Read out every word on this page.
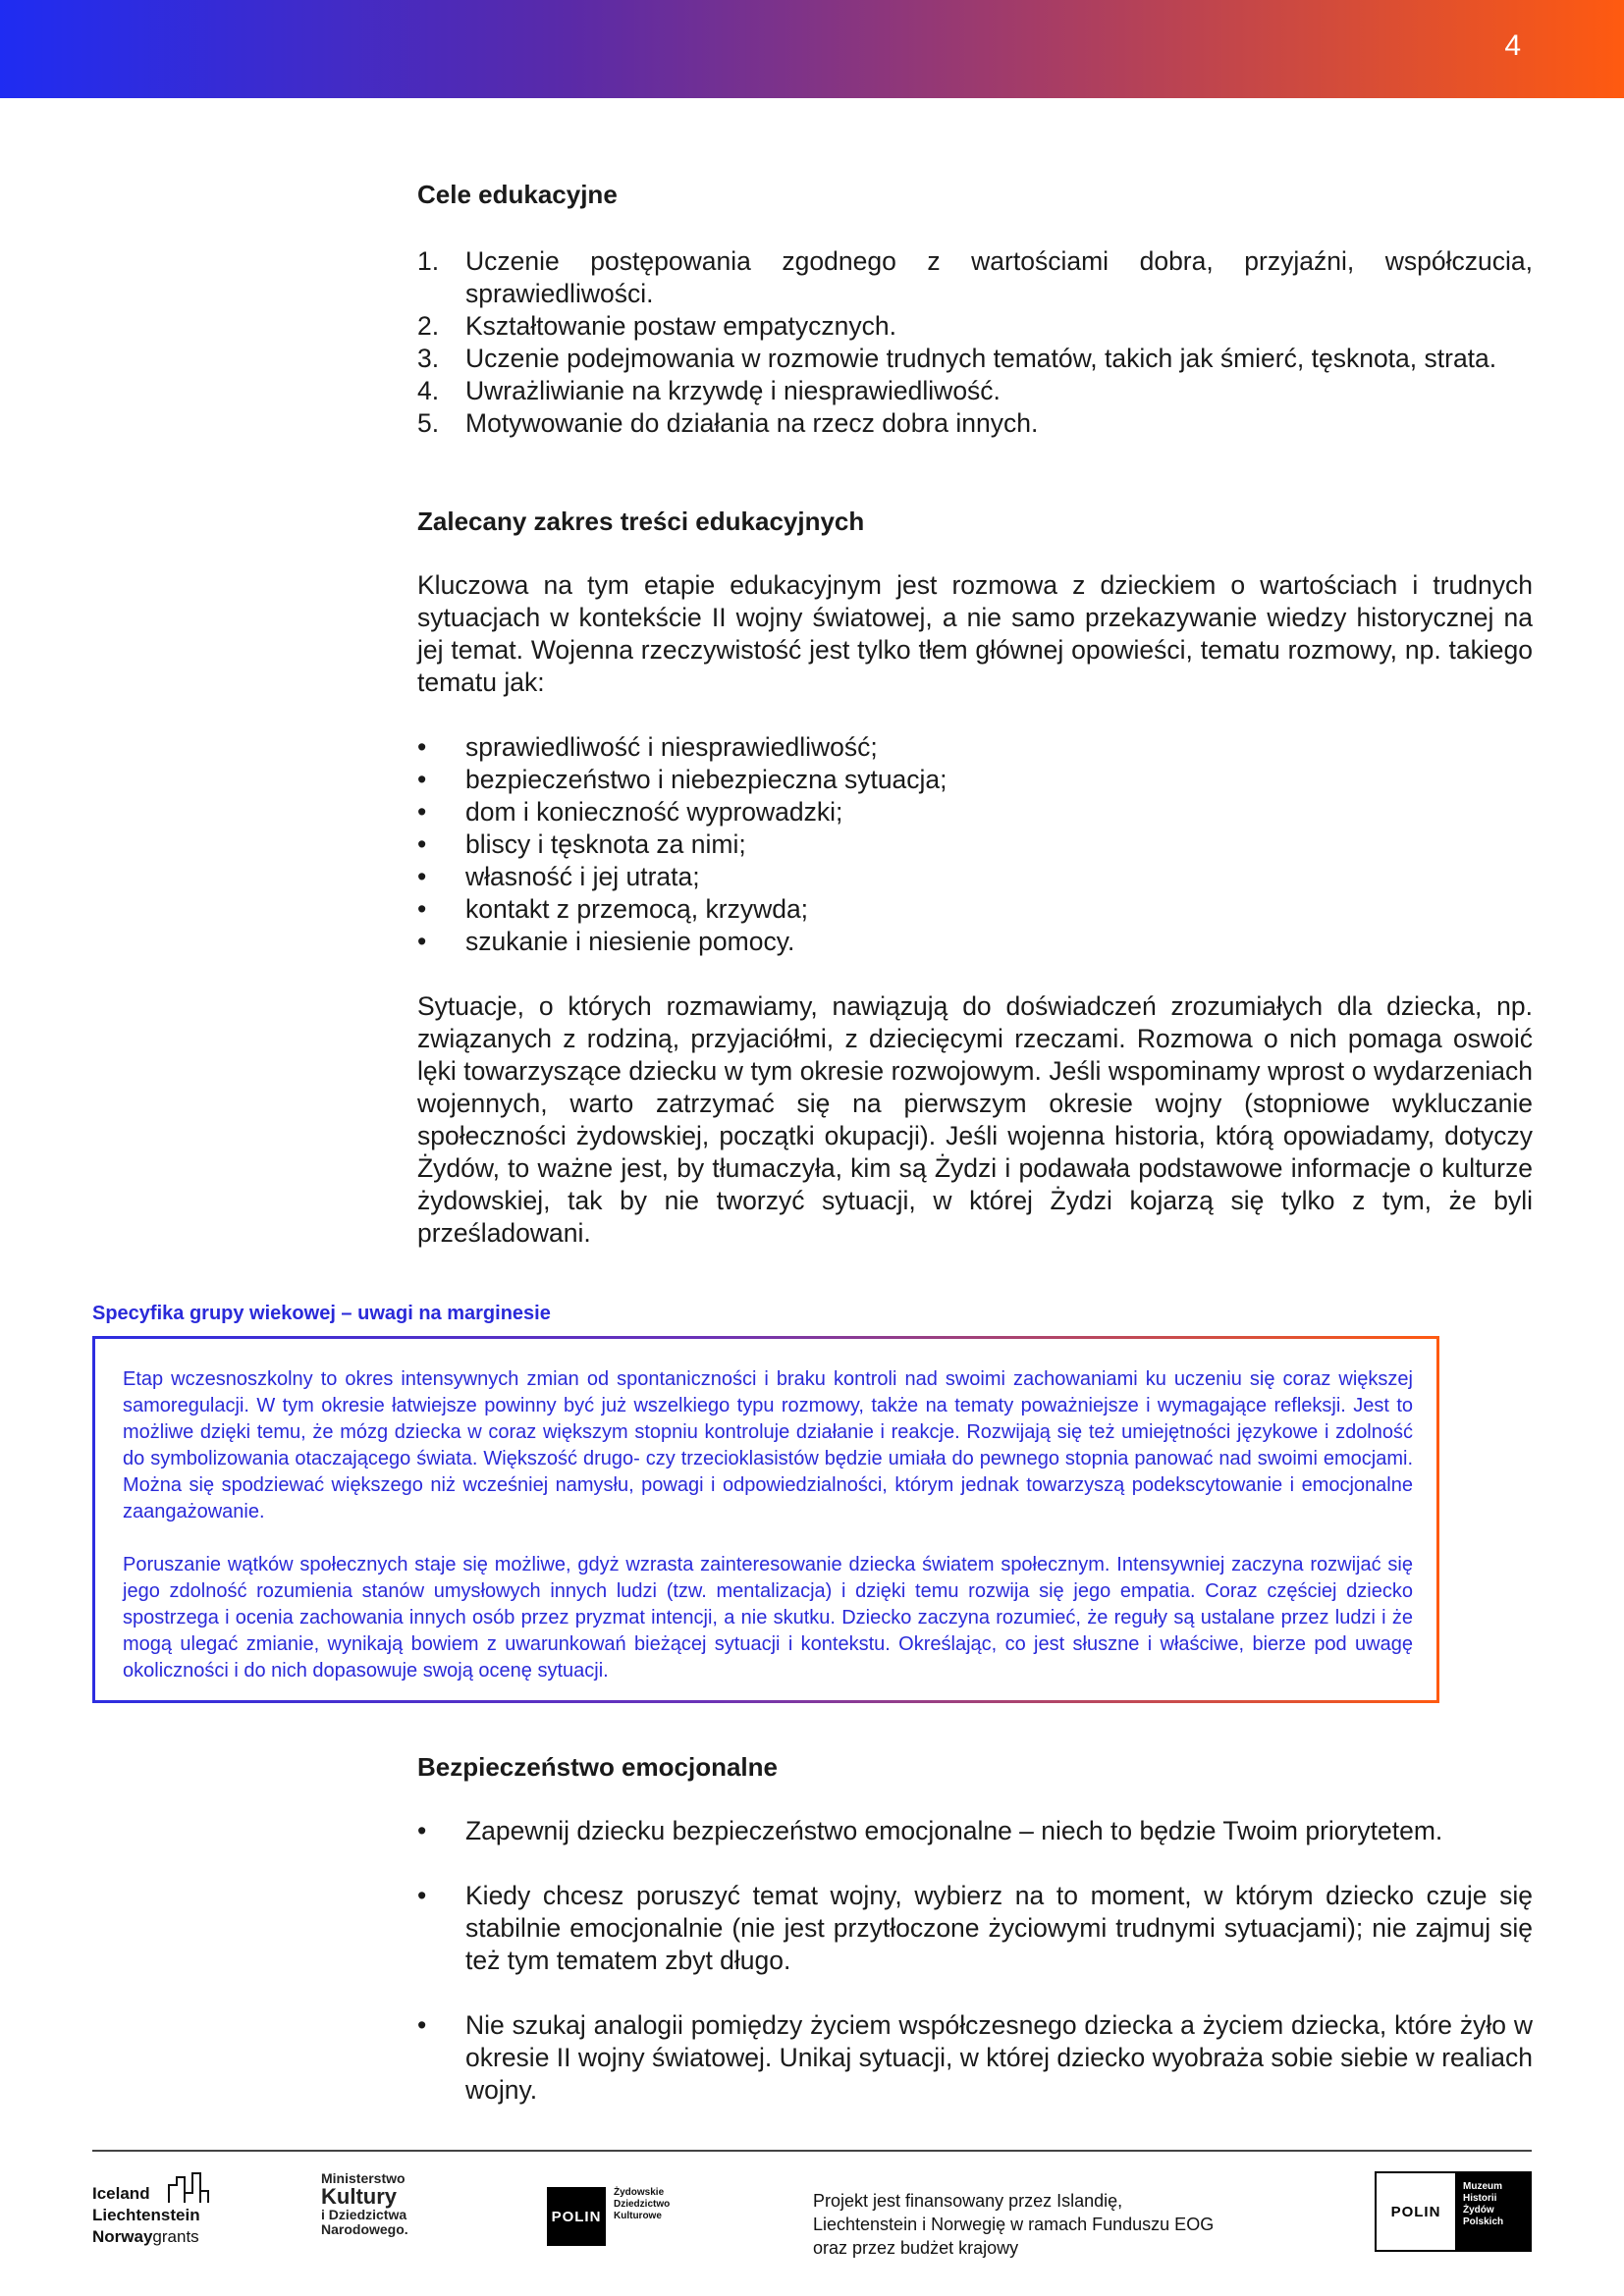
4
Cele edukacyjne
1. Uczenie postępowania zgodnego z wartościami dobra, przyjaźni, współczucia, sprawiedliwości.
2. Kształtowanie postaw empatycznych.
3. Uczenie podejmowania w rozmowie trudnych tematów, takich jak śmierć, tęsknota, strata.
4. Uwrażliwianie na krzywdę i niesprawiedliwość.
5. Motywowanie do działania na rzecz dobra innych.
Zalecany zakres treści edukacyjnych

Kluczowa na tym etapie edukacyjnym jest rozmowa z dzieckiem o wartościach i trudnych sytuacjach w kontekście II wojny światowej, a nie samo przekazywanie wiedzy historycznej na jej temat. Wojenna rzeczywistość jest tylko tłem głównej opowieści, tematu rozmowy, np. takiego tematu jak:

• sprawiedliwość i niesprawiedliwość;
• bezpieczeństwo i niebezpieczna sytuacja;
• dom i konieczność wyprowadzki;
• bliscy i tęsknota za nimi;
• własność i jej utrata;
• kontakt z przemocą, krzywda;
• szukanie i niesienie pomocy.

Sytuacje, o których rozmawiamy, nawiązują do doświadczeń zrozumiałych dla dziecka, np. związanych z rodziną, przyjaciółmi, z dziecięcymi rzeczami. Rozmowa o nich pomaga oswoić lęki towarzyszące dziecku w tym okresie rozwojowym. Jeśli wspominamy wprost o wydarzeniach wojennych, warto zatrzymać się na pierwszym okresie wojny (stopniowe wykluczanie społeczności żydowskiej, początki okupacji). Jeśli wojenna historia, którą opowiadamy, dotyczy Żydów, to ważne jest, by tłumaczyła, kim są Żydzi i podawała podstawowe informacje o kulturze żydowskiej, tak by nie tworzyć sytuacji, w której Żydzi kojarzą się tylko z tym, że byli prześladowani.

Specyfika grupy wiekowej – uwagi na marginesie

Etap wczesnoszkolny to okres intensywnych zmian od spontaniczności i braku kontroli nad swoimi zachowaniami ku uczeniu się coraz większej samoregulacji. W tym okresie łatwiejsze powinny być już wszelkiego typu rozmowy, także na tematy poważniejsze i wymagające refleksji. Jest to możliwe dzięki temu, że mózg dziecka w coraz większym stopniu kontroluje działanie i reakcje. Rozwijają się też umiejętności językowe i zdolność do symbolizowania otaczającego świata. Większość drugo- czy trzecioklasistów będzie umiała do pewnego stopnia panować nad swoimi emocjami. Można się spodziewać większego niż wcześniej namysłu, powagi i odpowiedzialności, którym jednak towarzyszą podekscytowanie i emocjonalne zaangażowanie.

Poruszanie wątków społecznych staje się możliwe, gdyż wzrasta zainteresowanie dziecka światem społecznym. Intensywniej zaczyna rozwijać się jego zdolność rozumienia stanów umysłowych innych ludzi (tzw. mentalizacja) i dzięki temu rozwija się jego empatia. Coraz częściej dziecko spostrzega i ocenia zachowania innych osób przez pryzmat intencji, a nie skutku. Dziecko zaczyna rozumieć, że reguły są ustalane przez ludzi i że mogą ulegać zmianie, wynikają bowiem z uwarunkowań bieżącej sytuacji i kontekstu. Określając, co jest słuszne i właściwe, bierze pod uwagę okoliczności i do nich dopasowuje swoją ocenę sytuacji.

Bezpieczeństwo emocjonalne
• Zapewnij dziecku bezpieczeństwo emocjonalne – niech to będzie Twoim priorytetem.
• Kiedy chcesz poruszyć temat wojny, wybierz na to moment, w którym dziecko czuje się stabilnie emocjonalnie (nie jest przytłoczone życiowymi trudnymi sytuacjami); nie zajmuj się też tym tematem zbyt długo.
• Nie szukaj analogii pomiędzy życiem współczesnego dziecka a życiem dziecka, które żyło w okresie II wojny światowej. Unikaj sytuacji, w której dziecko wyobraża sobie siebie w realiach wojny.
Iceland
Liechtenstein
Norwaygrants
Ministerstwo
Kultury
i Dziedzictwa
Narodowego.
POLIN
Żydowskie
Dziedzictwo
Kulturowe
Projekt jest finansowany przez Islandię,
Liechtenstein i Norwegię w ramach Funduszu EOG
oraz przez budżet krajowy
POLIN
Muzeum
Historii
Żydów
Polskich
